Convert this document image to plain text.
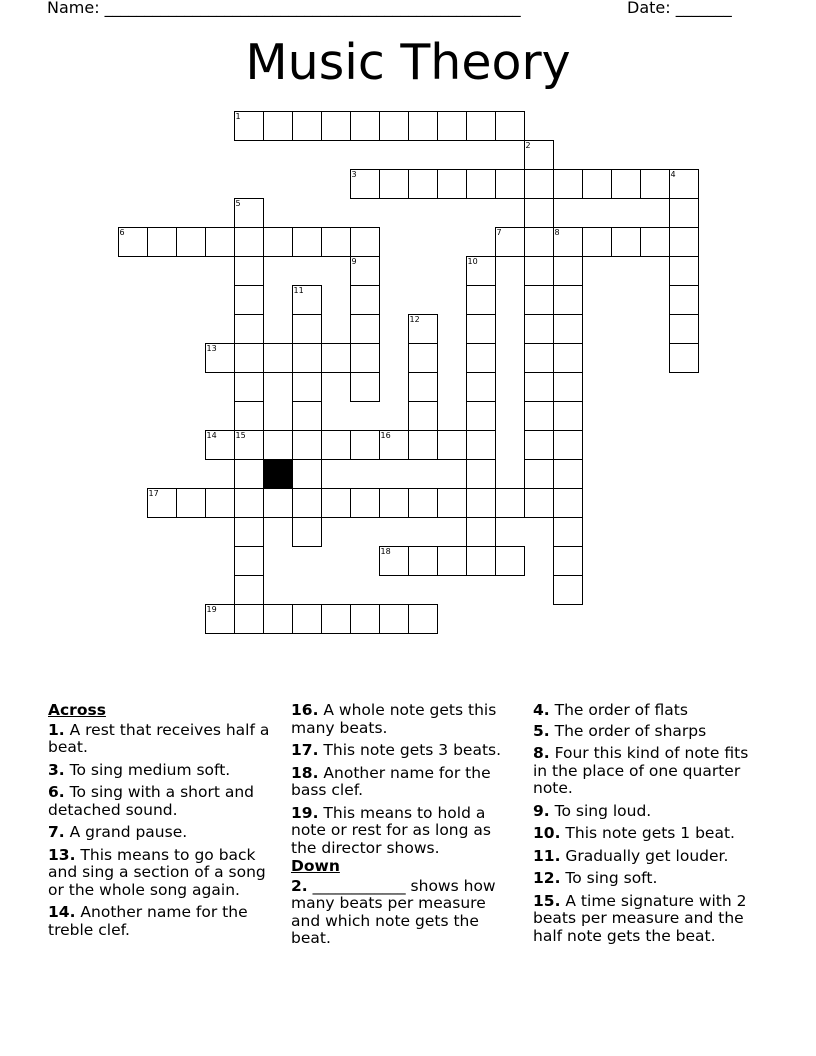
Name: ____________________________________________________	Date: _______
Music Theory
1
3
6	7	8
13
14 15	16
17
18
19
2
4
5
9	10
11
12
Across
1. A rest that receives half a beat.
3. To sing medium soft.
6. To sing with a short and detached sound.
7. A grand pause.
13. This means to go back and sing a section of a song or the whole song again.
14. Another name for the treble clef.
16. A whole note gets this many beats.
17. This note gets 3 beats.
18. Another name for the bass clef.
19. This means to hold a note or rest for as long as the director shows.
Down
2. ____________ shows how many beats per measure and which note gets the beat.
4. The order of flats
5. The order of sharps
8. Four this kind of note fits in the place of one quarter note.
9. To sing loud.
10. This note gets 1 beat.
11. Gradually get louder.
12. To sing soft.
15. A time signature with 2 beats per measure and the half note gets the beat.
